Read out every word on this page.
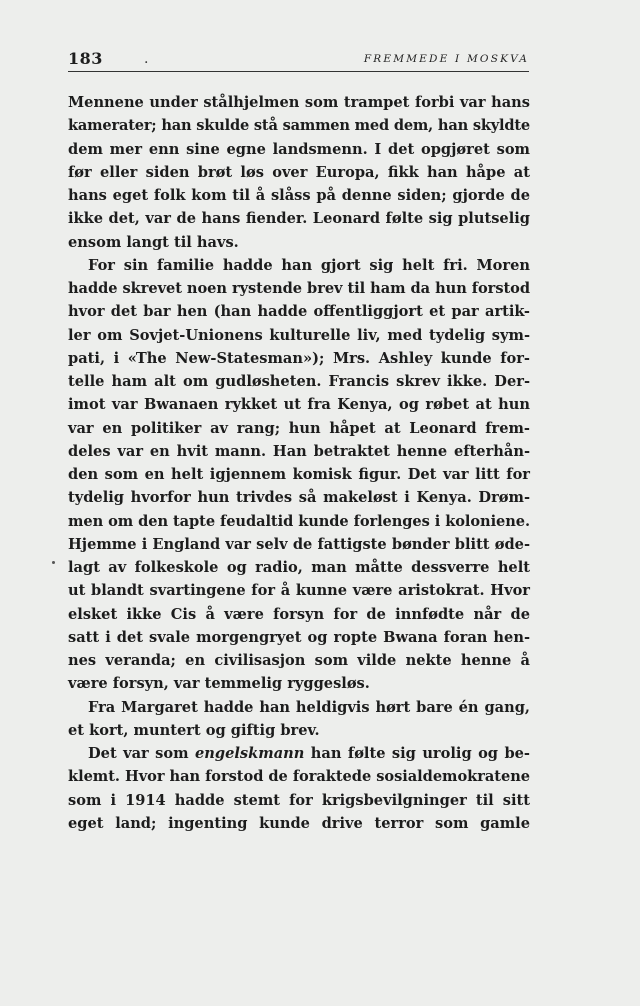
183	.	FREMMEDE I MOSKVA
Mennene under stålhjelmen som trampet forbi var hans
kamerater; han skulde stå sammen med dem, han skyldte
dem mer enn sine egne landsmenn. I det opgjøret som
før eller siden brøt løs over Europa, fikk han håpe at
hans eget folk kom til å slåss på denne siden; gjorde de
ikke det, var de hans fiender. Leonard følte sig plutselig
ensom langt til havs.
For sin familie hadde han gjort sig helt fri. Moren
hadde skrevet noen rystende brev til ham da hun forstod
hvor det bar hen (han hadde offentliggjort et par artik-
ler om Sovjet-Unionens kulturelle liv, med tydelig sym-
pati, i «The New-Statesman»); Mrs. Ashley kunde for-
telle ham alt om gudløsheten. Francis skrev ikke. Der-
imot var Bwanaen rykket ut fra Kenya, og røbet at hun
var en politiker av rang; hun håpet at Leonard frem-
deles var en hvit mann. Han betraktet henne efterhån-
den som en helt igjennem komisk figur. Det var litt for
tydelig hvorfor hun trivdes så makeløst i Kenya. Drøm-
men om den tapte feudaltid kunde forlenges i koloniene.
Hjemme i England var selv de fattigste bønder blitt øde-
lagt av folkeskole og radio, man måtte dessverre helt
ut blandt svartingene for å kunne være aristokrat. Hvor
elsket ikke Cis å være forsyn for de innfødte når de
satt i det svale morgengryet og ropte Bwana foran hen-
nes veranda; en civilisasjon som vilde nekte henne å
være forsyn, var temmelig ryggesløs.
Fra Margaret hadde han heldigvis hørt bare én gang,
et kort, muntert og giftig brev.
Det var som engelskmann han følte sig urolig og be-
klemt. Hvor han forstod de foraktede sosialdemokratene
som i 1914 hadde stemt for krigsbevilgninger til sitt
eget land; ingenting kunde drive terror som gamle
